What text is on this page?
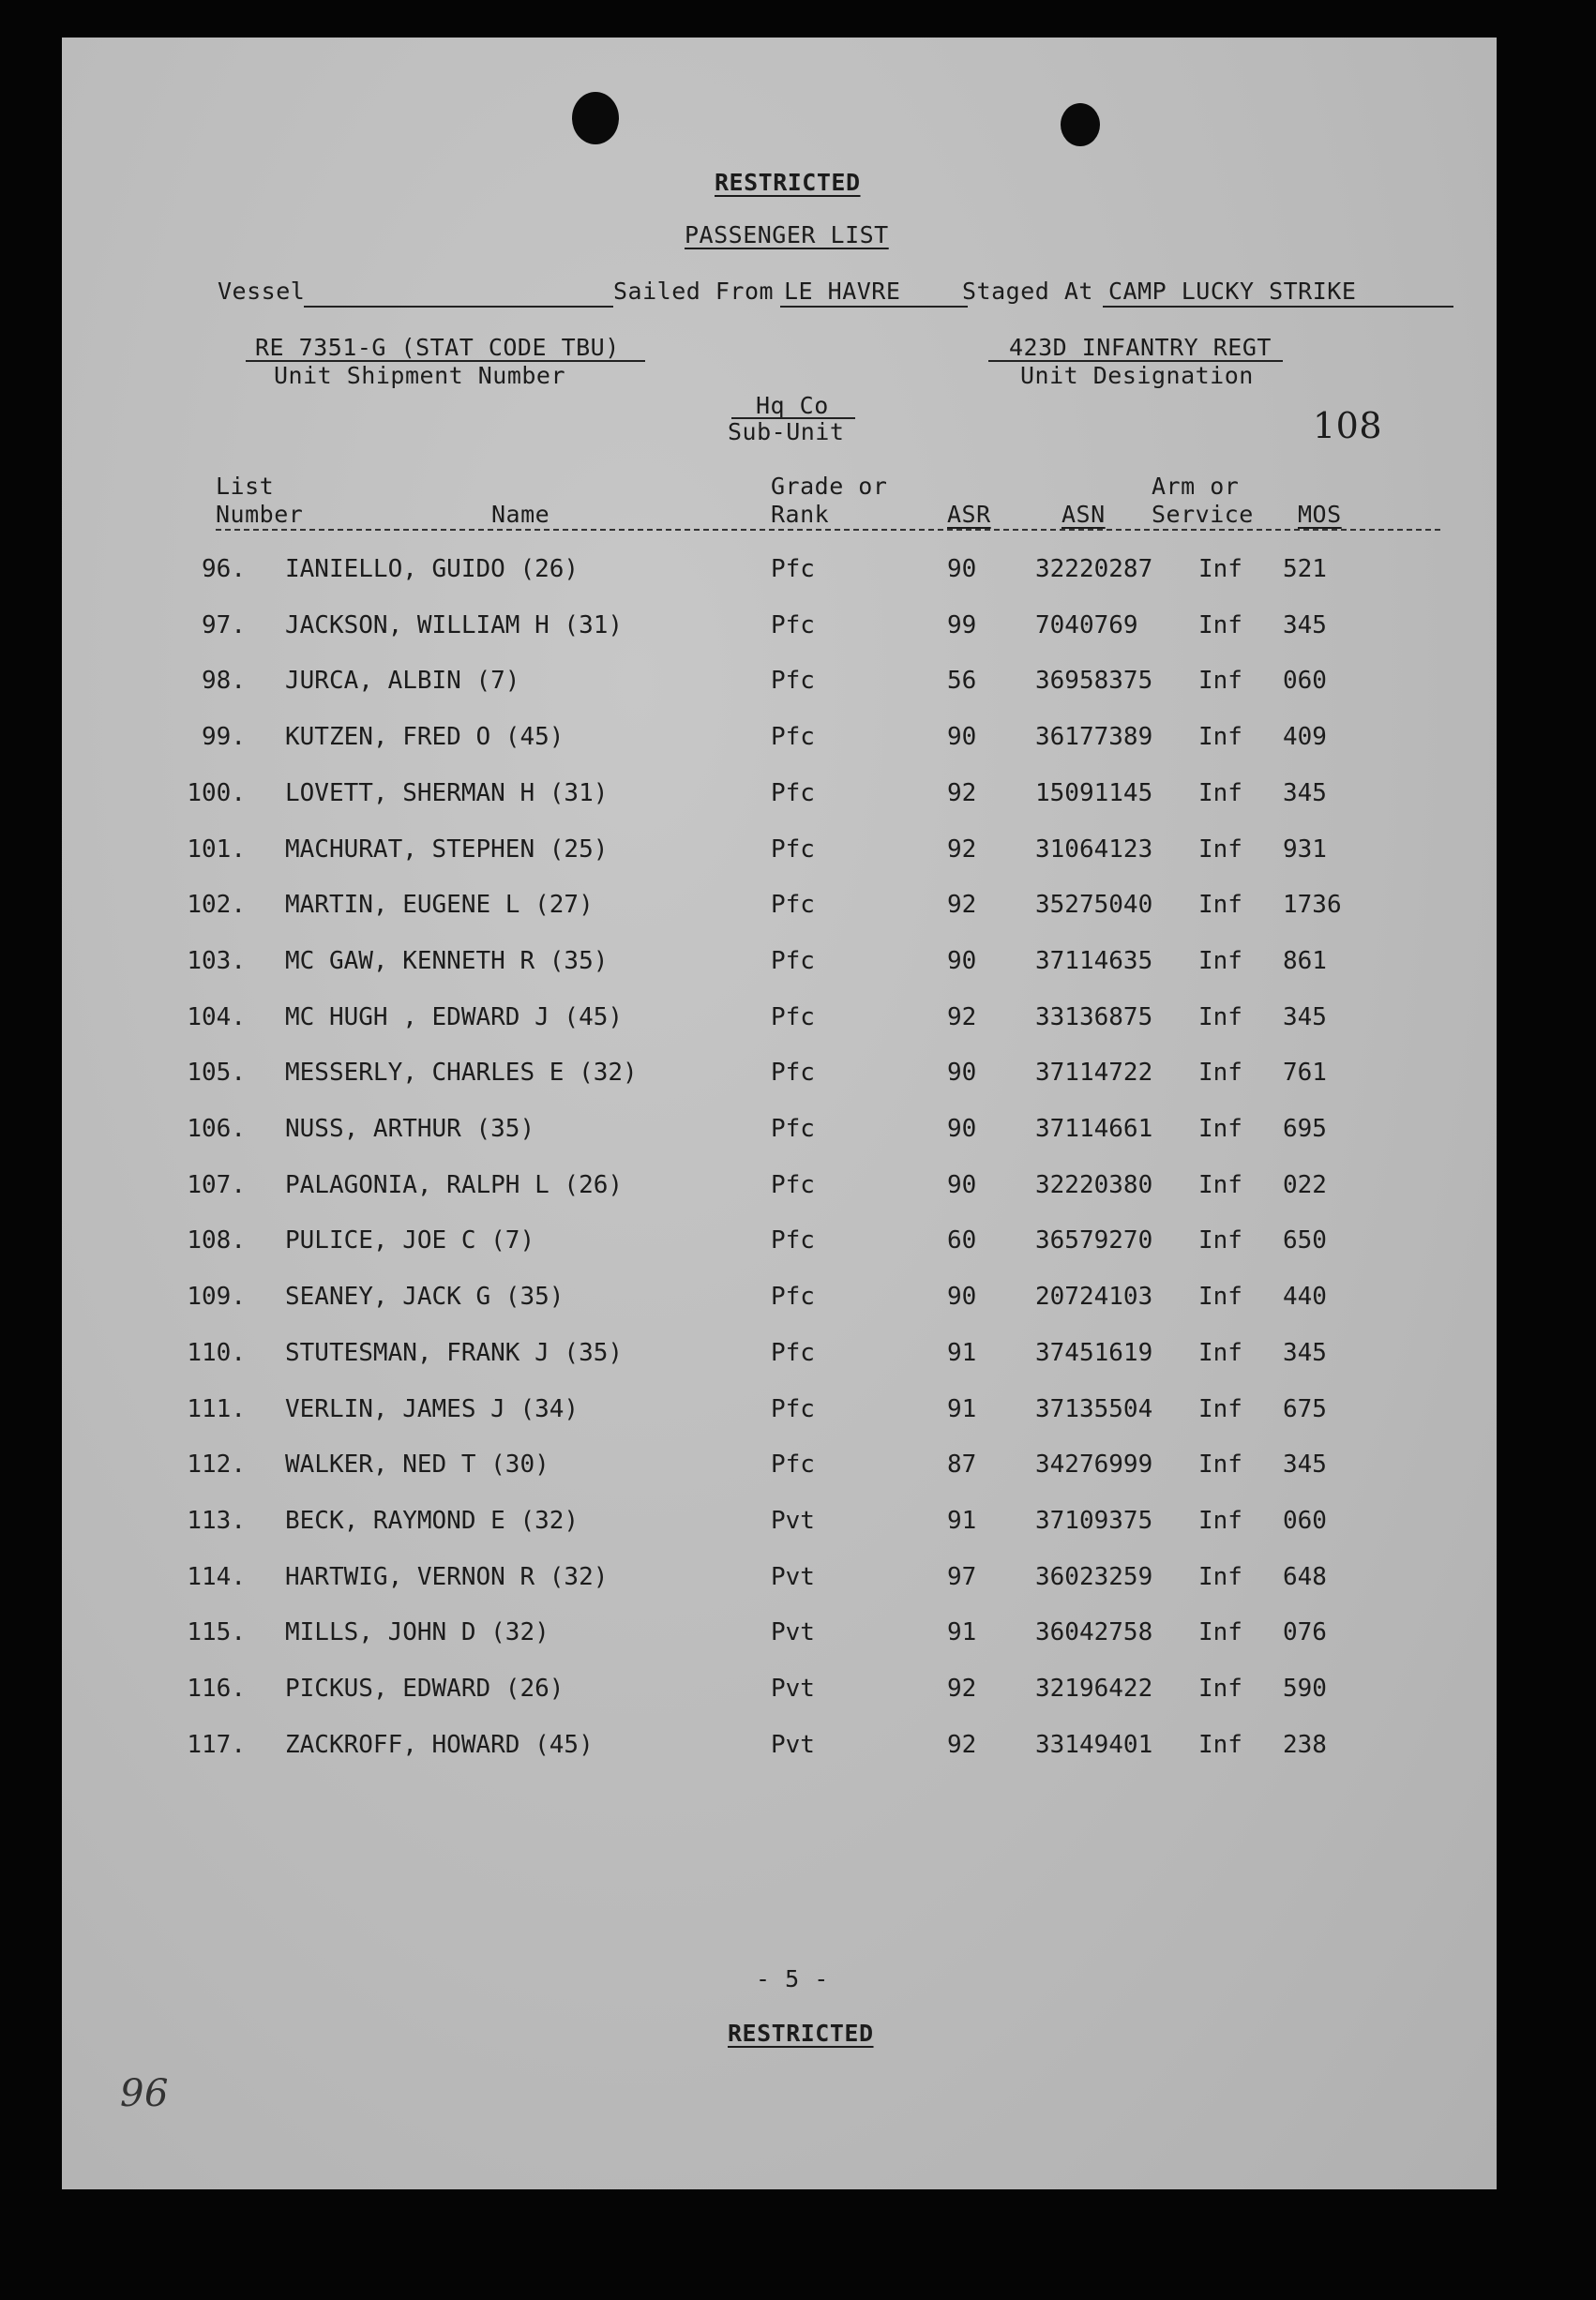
RESTRICTED
PASSENGER LIST
Vessel	Sailed From LE HAVRE	Staged At CAMP LUCKY STRIKE
RE 7351-G (STAT CODE TBU)
Unit Shipment Number
423D INFANTRY REGT
Unit Designation
Hq Co
Sub-Unit	108
List
Number	Name
Grade or
Rank	ASR	ASN
Arm or
Service MOS
96. IANIELLO, GUIDO (26)	Pfc	90 32220287 Inf 521
97. JACKSON, WILLIAM H (31)	Pfc	99 7040769 Inf 345
98. JURCA, ALBIN (7)	Pfc	56 36958375 Inf 060
99. KUTZEN, FRED O (45)	Pfc	90 36177389 Inf 409
100. LOVETT, SHERMAN H (31)	Pfc	92 15091145 Inf 345
101. MACHURAT, STEPHEN (25)	Pfc	92 31064123 Inf 931
102. MARTIN, EUGENE L (27)	Pfc	92 35275040 Inf 1736
103. MC GAW, KENNETH R (35)	Pfc	90 37114635 Inf 861
104. MC HUGH , EDWARD J (45)	Pfc	92 33136875 Inf 345
105. MESSERLY, CHARLES E (32)	Pfc	90 37114722 Inf 761
106. NUSS, ARTHUR (35)	Pfc	90 37114661 Inf 695
107. PALAGONIA, RALPH L (26)	Pfc	90 32220380 Inf 022
108. PULICE, JOE C (7)	Pfc	60 36579270 Inf 650
109. SEANEY, JACK G (35)	Pfc	90 20724103 Inf 440
110. STUTESMAN, FRANK J (35)	Pfc	91 37451619 Inf 345
111. VERLIN, JAMES J (34)	Pfc	91 37135504 Inf 675
112. WALKER, NED T (30)	Pfc	87 34276999 Inf 345
113. BECK, RAYMOND E (32)	Pvt	91 37109375 Inf 060
114. HARTWIG, VERNON R (32)	Pvt	97 36023259 Inf 648
115. MILLS, JOHN D (32)	Pvt	91 36042758 Inf 076
116. PICKUS, EDWARD (26)	Pvt	92 32196422 Inf 590
117. ZACKROFF, HOWARD (45)	Pvt	92 33149401 Inf 238
- 5 -
RESTRICTED
96
